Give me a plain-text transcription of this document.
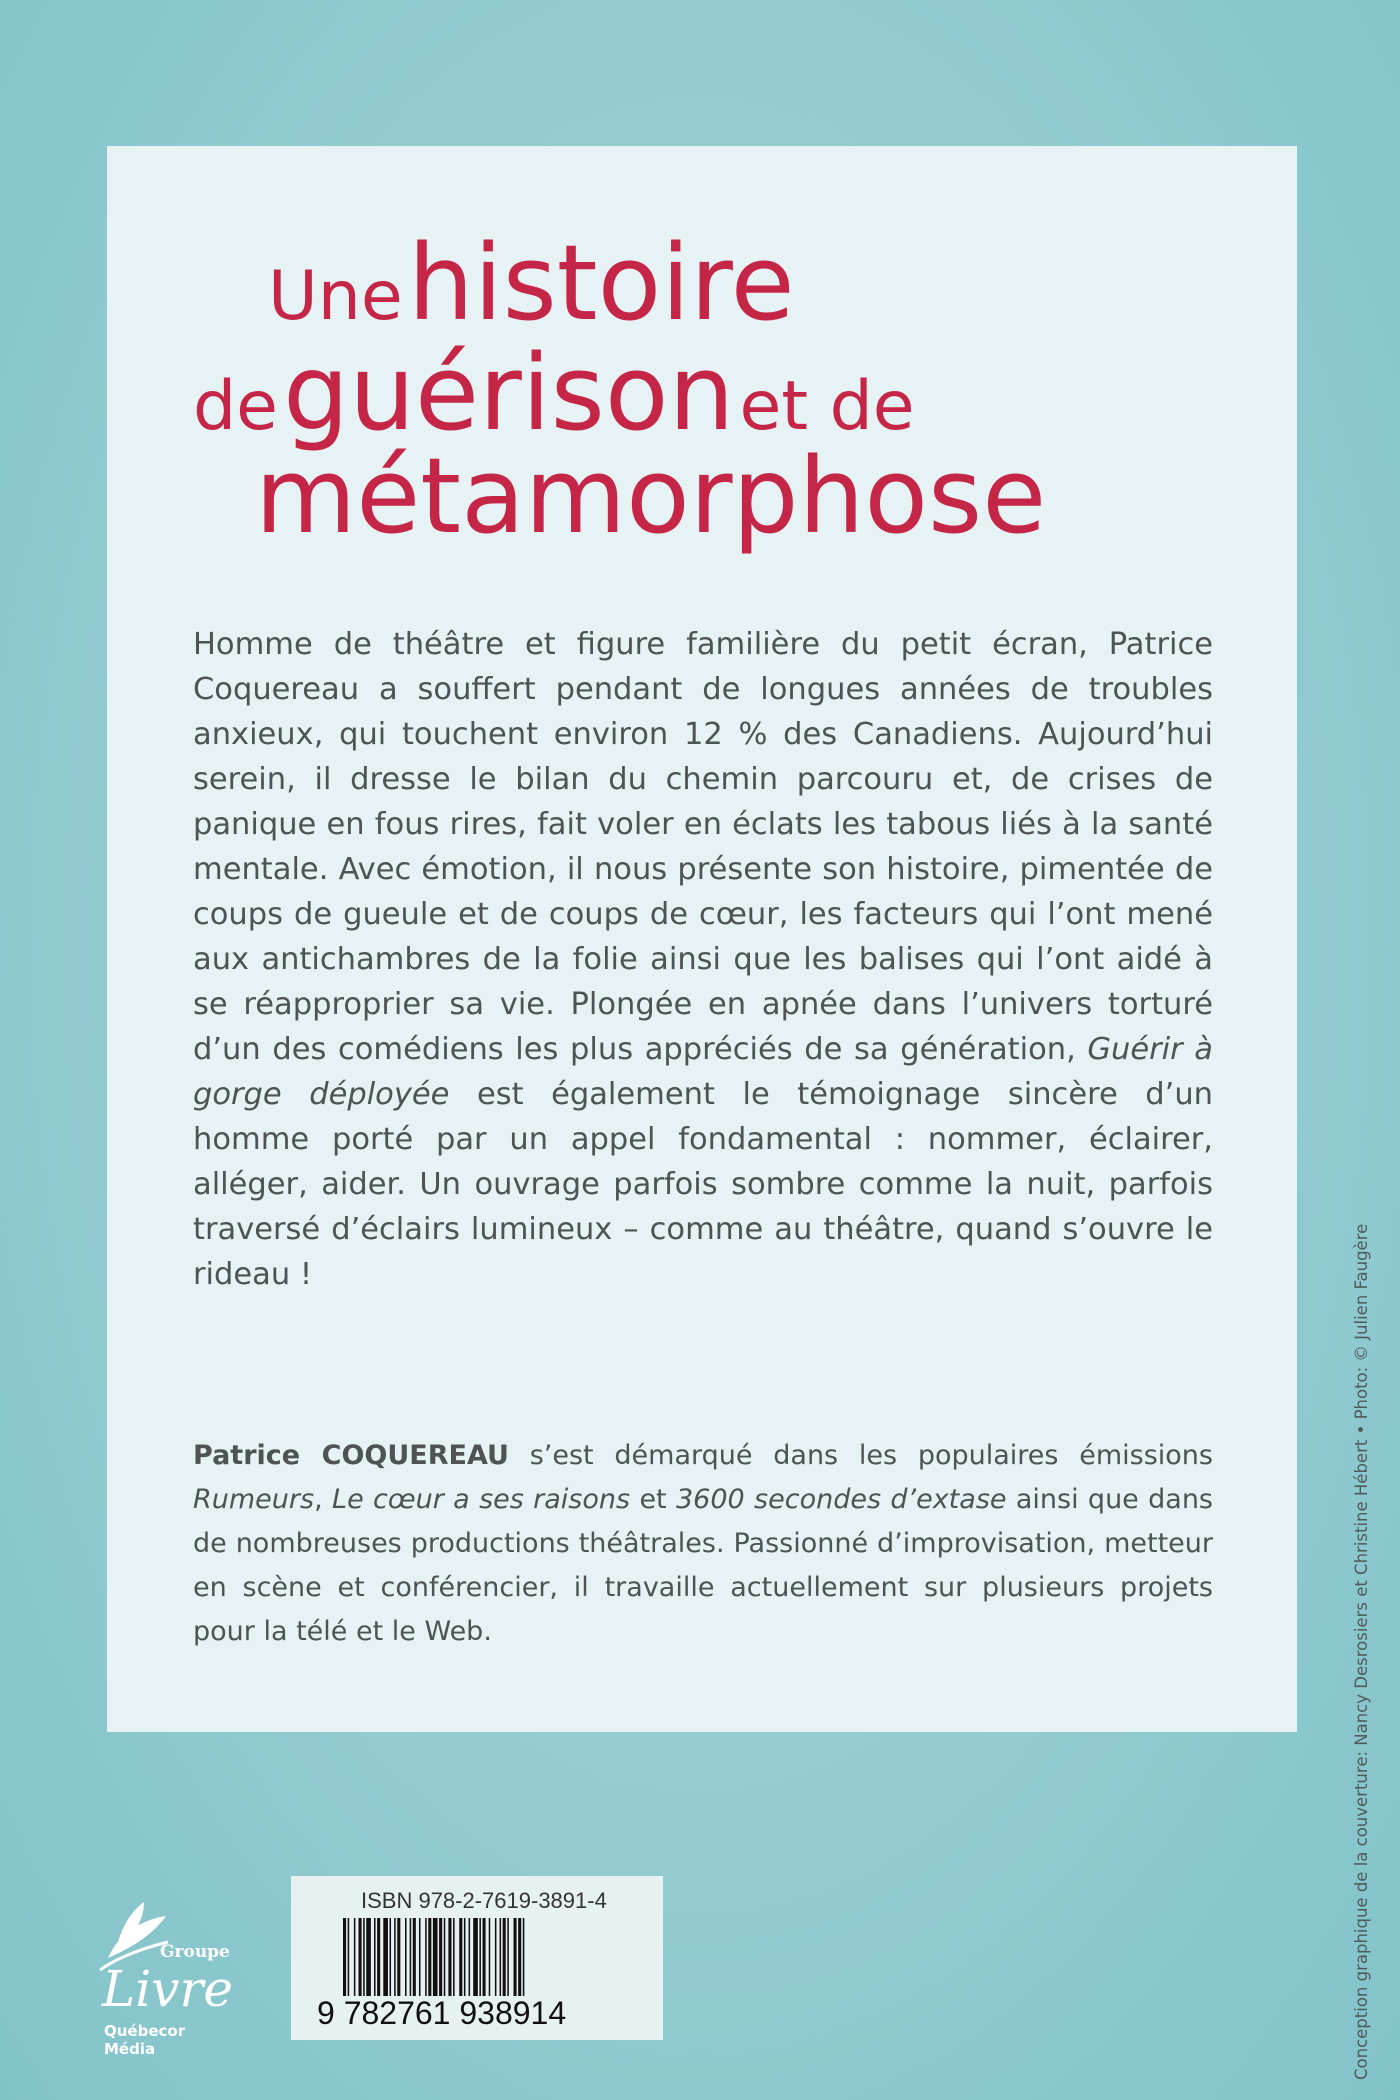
Une histoire
de guérison et de
métamorphose

Homme de théâtre et figure familière du petit écran, Patrice Coquereau a souffert pendant de longues années de troubles anxieux, qui touchent environ 12 % des Canadiens. Aujourd’hui serein, il dresse le bilan du chemin parcouru et, de crises de panique en fous rires, fait voler en éclats les tabous liés à la santé mentale. Avec émotion, il nous présente son histoire, pimentée de coups de gueule et de coups de cœur, les facteurs qui l’ont mené aux antichambres de la folie ainsi que les balises qui l’ont aidé à se réapproprier sa vie. Plongée en apnée dans l’univers torturé d’un des comédiens les plus appréciés de sa génération, Guérir à gorge déployée est également le témoignage sincère d’un homme porté par un appel fondamental : nommer, éclairer, alléger, aider. Un ouvrage parfois sombre comme la nuit, parfois traversé d’éclairs lumineux – comme au théâtre, quand s’ouvre le rideau !

Patrice COQUEREAU s’est démarqué dans les populaires émissions Rumeurs, Le cœur a ses raisons et 3600 secondes d’extase ainsi que dans de nombreuses productions théâtrales. Passionné d’improvisation, metteur en scène et conférencier, il travaille actuellement sur plusieurs projets pour la télé et le Web.	Conception graphique de la couverture: Nancy Desrosiers et Christine Hébert • Photo: © Julien Faugère
Groupe
Livre
Québecor Média
ISBN 978-2-7619-3891-4
9 782761 938914
